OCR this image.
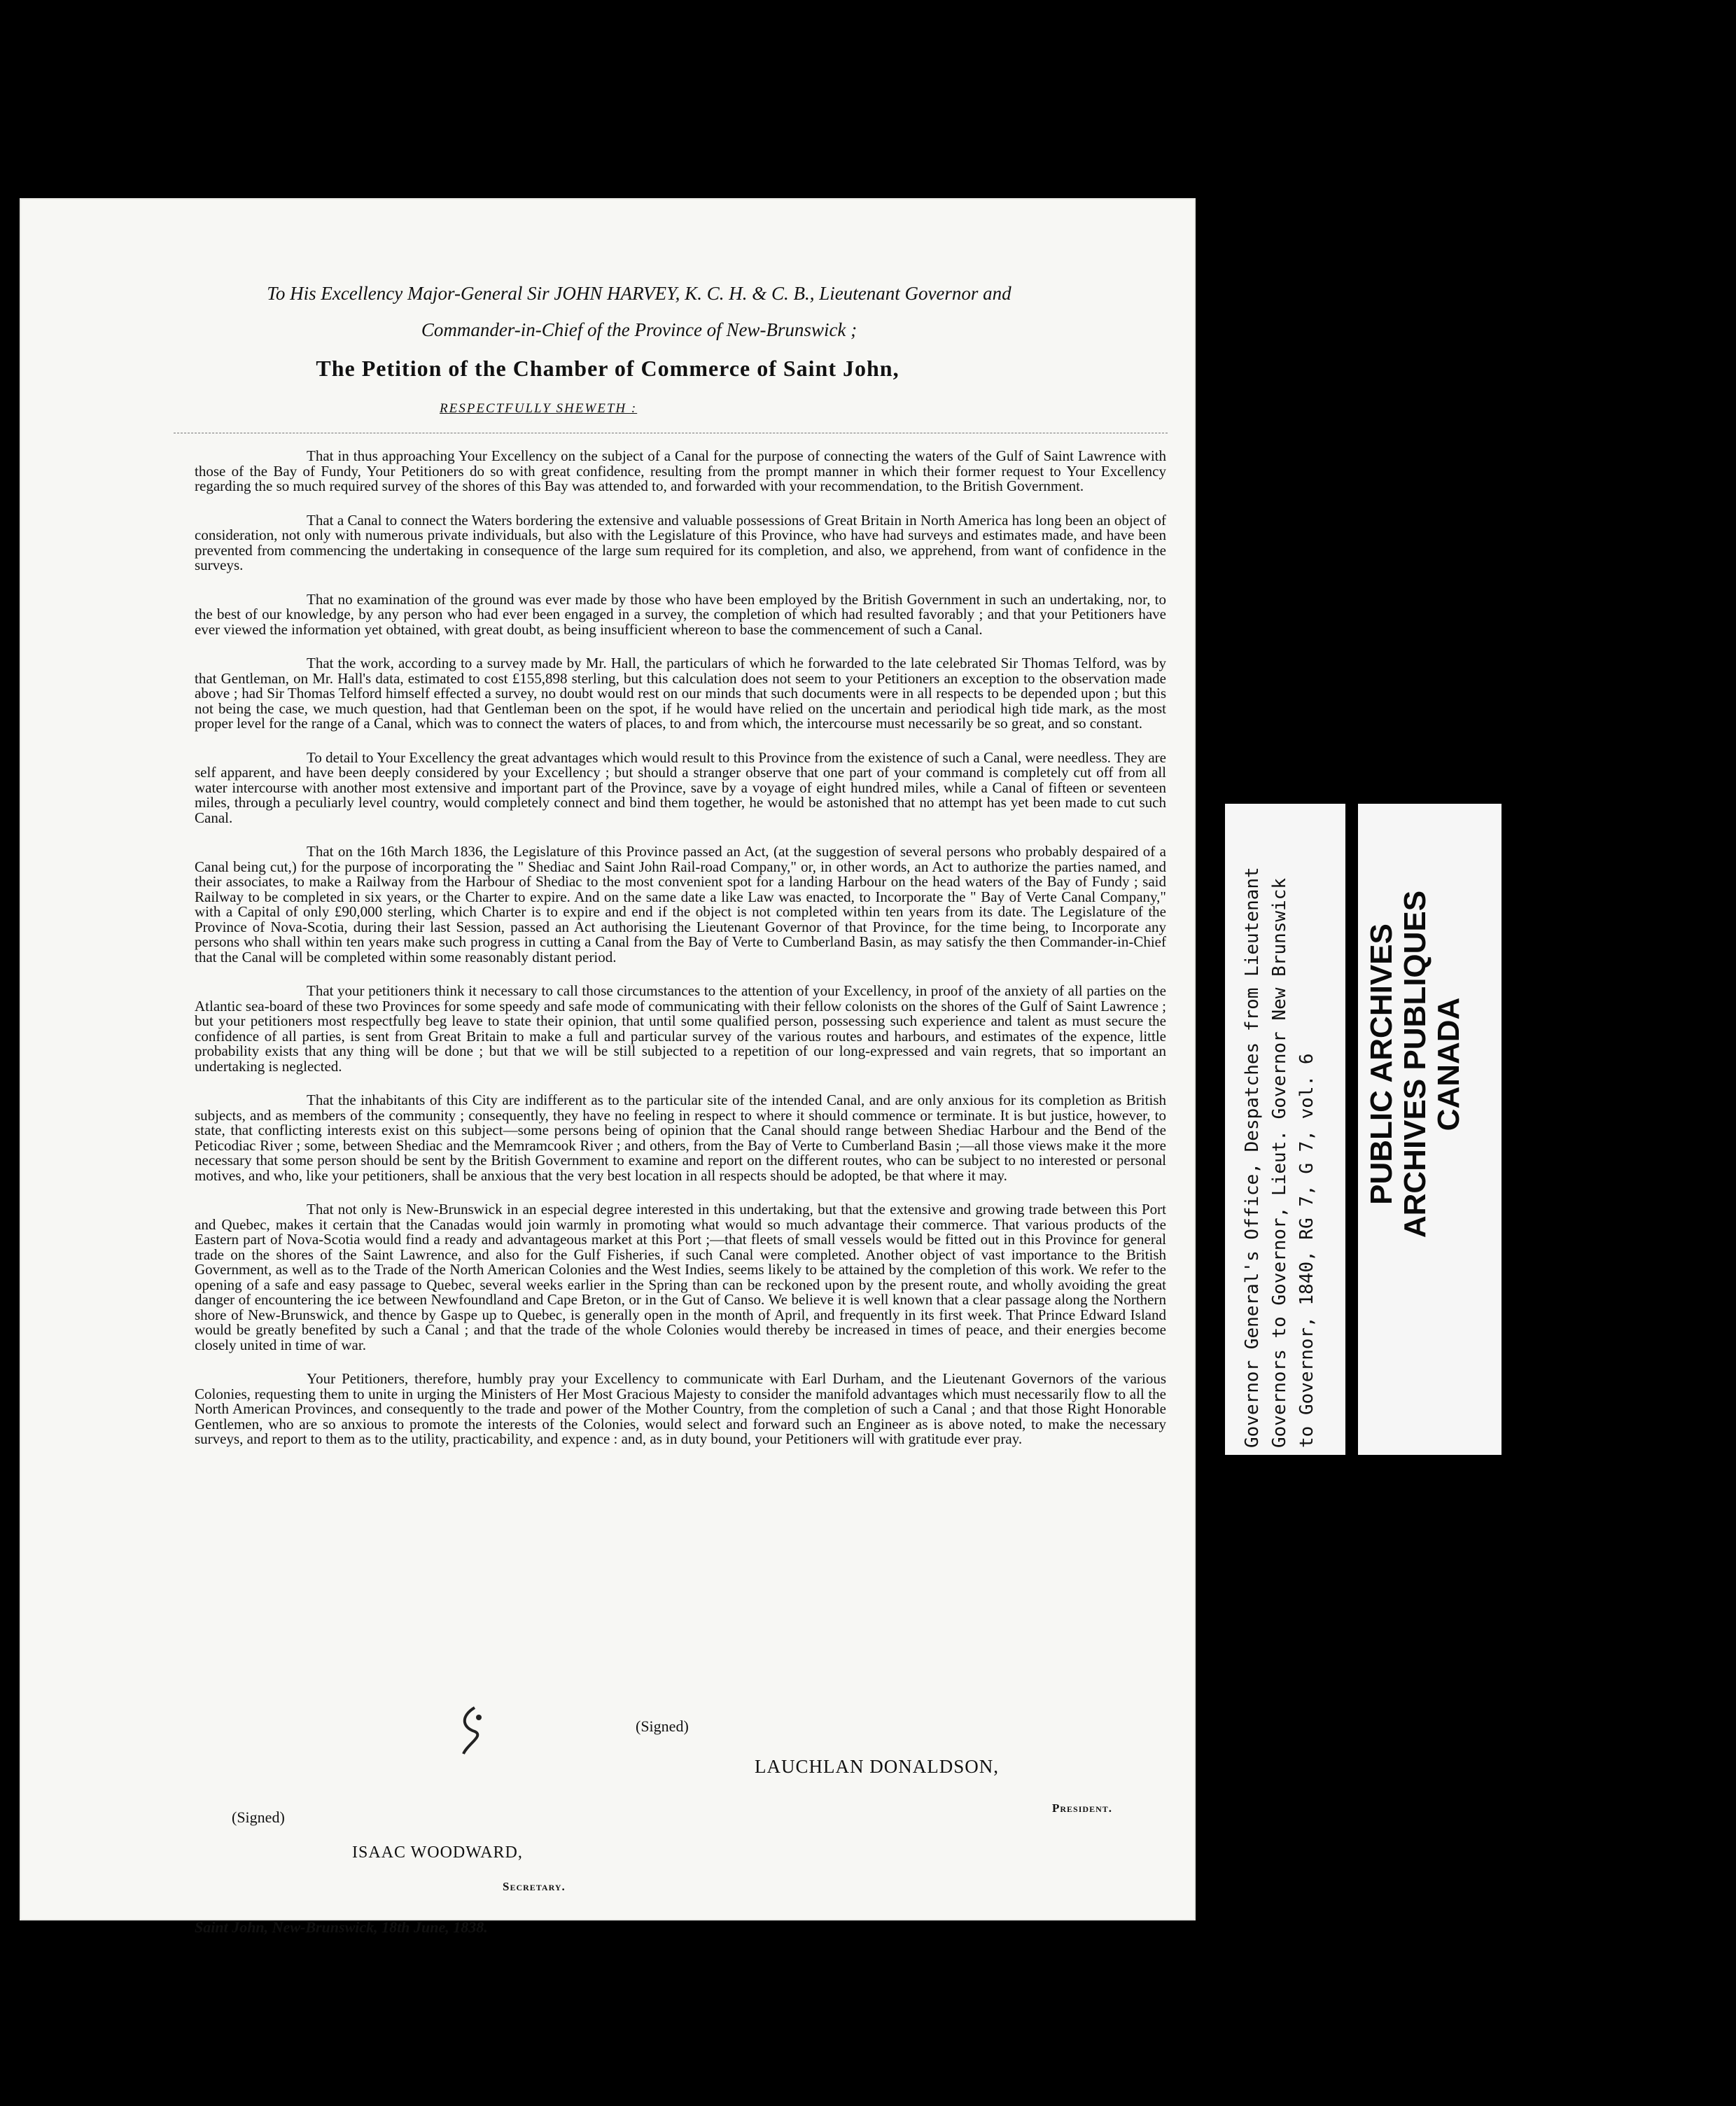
To His Excellency Major-General Sir JOHN HARVEY, K. C. H. & C. B., Lieutenant Governor and
Commander-in-Chief of the Province of New-Brunswick ;
The Petition of the Chamber of Commerce of Saint John,
RESPECTFULLY SHEWETH :

That in thus approaching Your Excellency on the subject of a Canal for the purpose of connecting the waters of the Gulf of Saint Lawrence with those of the Bay of Fundy, Your Petitioners do so with great confidence, resulting from the prompt manner in which their former request to Your Excellency regarding the so much required survey of the shores of this Bay was attended to, and forwarded with your recommendation, to the British Government.

That a Canal to connect the Waters bordering the extensive and valuable possessions of Great Britain in North America has long been an object of consideration, not only with numerous private individuals, but also with the Legislature of this Province, who have had surveys and estimates made, and have been prevented from commencing the undertaking in consequence of the large sum required for its completion, and also, we apprehend, from want of confidence in the surveys.

That no examination of the ground was ever made by those who have been employed by the British Government in such an undertaking, nor, to the best of our knowledge, by any person who had ever been engaged in a survey, the completion of which had resulted favorably ; and that your Petitioners have ever viewed the information yet obtained, with great doubt, as being insufficient whereon to base the commencement of such a Canal.

That the work, according to a survey made by Mr. Hall, the particulars of which he forwarded to the late celebrated Sir Thomas Telford, was by that Gentleman, on Mr. Hall's data, estimated to cost £155,898 sterling, but this calculation does not seem to your Petitioners an exception to the observation made above ; had Sir Thomas Telford himself effected a survey, no doubt would rest on our minds that such documents were in all respects to be depended upon ; but this not being the case, we much question, had that Gentleman been on the spot, if he would have relied on the uncertain and periodical high tide mark, as the most proper level for the range of a Canal, which was to connect the waters of places, to and from which, the intercourse must necessarily be so great, and so constant.

To detail to Your Excellency the great advantages which would result to this Province from the existence of such a Canal, were needless. They are self apparent, and have been deeply considered by your Excellency ; but should a stranger observe that one part of your command is completely cut off from all water intercourse with another most extensive and important part of the Province, save by a voyage of eight hundred miles, while a Canal of fifteen or seventeen miles, through a peculiarly level country, would completely connect and bind them together, he would be astonished that no attempt has yet been made to cut such Canal.

That on the 16th March 1836, the Legislature of this Province passed an Act, (at the suggestion of several persons who probably despaired of a Canal being cut,) for the purpose of incorporating the " Shediac and Saint John Rail-road Company," or, in other words, an Act to authorize the parties named, and their associates, to make a Railway from the Harbour of Shediac to the most convenient spot for a landing Harbour on the head waters of the Bay of Fundy ; said Railway to be completed in six years, or the Charter to expire. And on the same date a like Law was enacted, to Incorporate the " Bay of Verte Canal Company," with a Capital of only £90,000 sterling, which Charter is to expire and end if the object is not completed within ten years from its date. The Legislature of the Province of Nova-Scotia, during their last Session, passed an Act authorising the Lieutenant Governor of that Province, for the time being, to Incorporate any persons who shall within ten years make such progress in cutting a Canal from the Bay of Verte to Cumberland Basin, as may satisfy the then Commander-in-Chief that the Canal will be completed within some reasonably distant period.

That your petitioners think it necessary to call those circumstances to the attention of your Excellency, in proof of the anxiety of all parties on the Atlantic sea-board of these two Provinces for some speedy and safe mode of communicating with their fellow colonists on the shores of the Gulf of Saint Lawrence ; but your petitioners most respectfully beg leave to state their opinion, that until some qualified person, possessing such experience and talent as must secure the confidence of all parties, is sent from Great Britain to make a full and particular survey of the various routes and harbours, and estimates of the expence, little probability exists that any thing will be done ; but that we will be still subjected to a repetition of our long-expressed and vain regrets, that so important an undertaking is neglected.

That the inhabitants of this City are indifferent as to the particular site of the intended Canal, and are only anxious for its completion as British subjects, and as members of the community ; consequently, they have no feeling in respect to where it should commence or terminate. It is but justice, however, to state, that conflicting interests exist on this subject—some persons being of opinion that the Canal should range between Shediac Harbour and the Bend of the Peticodiac River ; some, between Shediac and the Memramcook River ; and others, from the Bay of Verte to Cumberland Basin ;—all those views make it the more necessary that some person should be sent by the British Government to examine and report on the different routes, who can be subject to no interested or personal motives, and who, like your petitioners, shall be anxious that the very best location in all respects should be adopted, be that where it may.

That not only is New-Brunswick in an especial degree interested in this undertaking, but that the extensive and growing trade between this Port and Quebec, makes it certain that the Canadas would join warmly in promoting what would so much advantage their commerce. That various products of the Eastern part of Nova-Scotia would find a ready and advantageous market at this Port ;—that fleets of small vessels would be fitted out in this Province for general trade on the shores of the Saint Lawrence, and also for the Gulf Fisheries, if such Canal were completed. Another object of vast importance to the British Government, as well as to the Trade of the North American Colonies and the West Indies, seems likely to be attained by the completion of this work. We refer to the opening of a safe and easy passage to Quebec, several weeks earlier in the Spring than can be reckoned upon by the present route, and wholly avoiding the great danger of encountering the ice between Newfoundland and Cape Breton, or in the Gut of Canso. We believe it is well known that a clear passage along the Northern shore of New-Brunswick, and thence by Gaspe up to Quebec, is generally open in the month of April, and frequently in its first week. That Prince Edward Island would be greatly benefited by such a Canal ; and that the trade of the whole Colonies would thereby be increased in times of peace, and their energies become closely united in time of war.

Your Petitioners, therefore, humbly pray your Excellency to communicate with Earl Durham, and the Lieutenant Governors of the various Colonies, requesting them to unite in urging the Ministers of Her Most Gracious Majesty to consider the manifold advantages which must necessarily flow to all the North American Provinces, and consequently to the trade and power of the Mother Country, from the completion of such a Canal ; and that those Right Honorable Gentlemen, who are so anxious to promote the interests of the Colonies, would select and forward such an Engineer as is above noted, to make the necessary surveys, and report to them as to the utility, practicability, and expence : and, as in duty bound, your Petitioners will with gratitude ever pray.

(Signed)
LAUCHLAN DONALDSON,
President.
(Signed)
ISAAC WOODWARD,
Secretary.
Saint John, New-Brunswick, 18th June, 1838.
Governor General's Office, Despatches from Lieutenant Governors to Governor, Lieut. Governor New Brunswick to Governor, 1840, RG 7, G 7, vol. 6 PUBLIC ARCHIVES ARCHIVES PUBLIQUES CANADA
